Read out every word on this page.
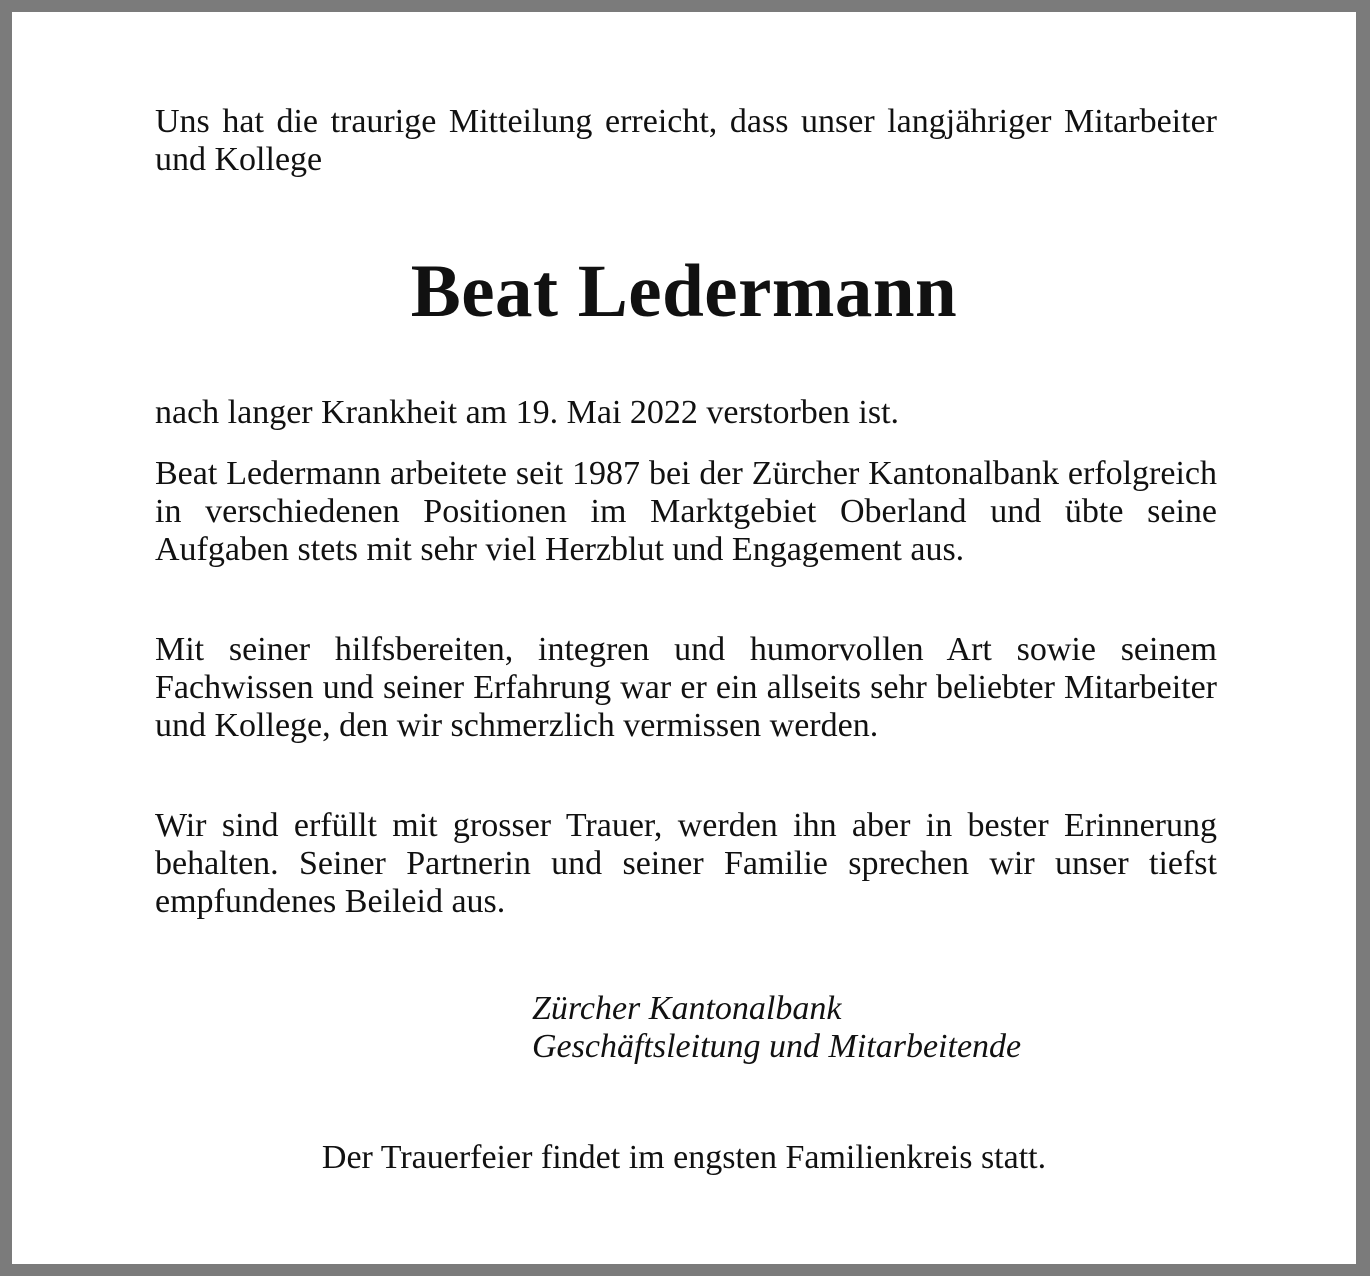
Uns hat die traurige Mitteilung erreicht, dass unser langjähriger Mitarbeiter und Kollege

Beat Ledermann

nach langer Krankheit am 19. Mai 2022 verstorben ist.

Beat Ledermann arbeitete seit 1987 bei der Zürcher Kantonalbank erfolgreich in verschiedenen Positionen im Marktgebiet Oberland und übte seine Aufgaben stets mit sehr viel Herzblut und Engagement aus.

Mit seiner hilfsbereiten, integren und humorvollen Art sowie seinem Fachwissen und seiner Erfahrung war er ein allseits sehr beliebter Mitarbeiter und Kollege, den wir schmerzlich vermissen werden.

Wir sind erfüllt mit grosser Trauer, werden ihn aber in bester Erinnerung behalten. Seiner Partnerin und seiner Familie sprechen wir unser tiefst empfundenes Beileid aus.

Zürcher Kantonalbank
Geschäftsleitung und Mitarbeitende

Der Trauerfeier findet im engsten Familienkreis statt.
